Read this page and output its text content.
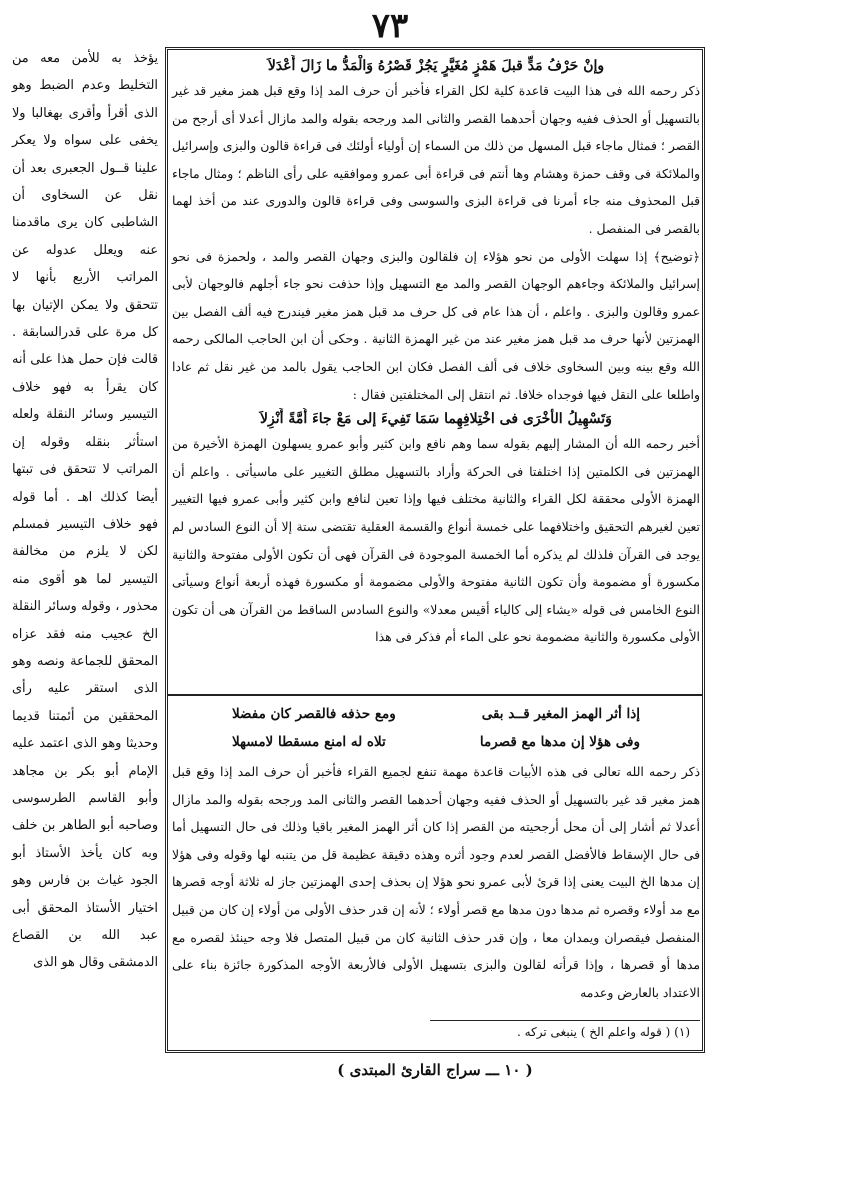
٧٣
وإنْ حَرْفُ مَدٍّ قبلَ هَمْزٍ مُغَيَّرٍ يَجُزْ قَصْرُهُ وَالْمَدُّ ما زَالَ أَعْدَلاَ

ذكر رحمه الله فى هذا البيت قاعدة كلية لكل القراء فأخبر أن حرف المد إذا وقع قبل همز مغير قد غير بالتسهيل أو الحذف ففيه وجهان أحدهما القصر والثانى المد ورجحه بقوله والمد مازال أعدلا أى أرجح من القصر ؛ فمثال ماجاء قبل المسهل من ذلك من السماء إن أولياء أولئك فى قراءة قالون والبزى وإسرائيل والملائكة فى وقف حمزة وهشام وها أنتم فى قراءة أبى عمرو وموافقيه على رأى الناظم ؛ ومثال ماجاء قبل المحذوف منه جاء أمرنا فى قراءة البزى والسوسى وفى قراءة قالون والدورى عند من أخذ لهما بالقصر فى المنفصل .

﴿توضيح﴾ إذا سهلت الأولى من نحو هؤلاء إن فلقالون والبزى وجهان القصر والمد ، ولحمزة فى نحو إسرائيل والملائكة وجاءهم الوجهان القصر والمد مع التسهيل وإذا حذفت نحو جاء أجلهم فالوجهان لأبى عمرو وقالون والبزى . واعلم ، أن هذا عام فى كل حرف مد قبل همز مغير فيندرج فيه ألف الفصل بين الهمزتين لأنها حرف مد قبل همز مغير عند من غير الهمزة الثانية . وحكى أن ابن الحاجب المالكى رحمه الله وقع بينه وبين السخاوى خلاف فى ألف الفصل فكان ابن الحاجب يقول بالمد من غير نقل ثم عادا واطلعا على النقل فيها فوجداه خلافا. ثم انتقل إلى المختلفتين فقال :

وَتَسْهِيلُ الأُخْرَى فى اخْتِلافِهِما سَمَا تَفِيءَ إلى مَعْ جاءَ أُمَّةً أَنْزِلاَ

أخبر رحمه الله أن المشار إليهم بقوله سما وهم نافع وابن كثير وأبو عمرو يسهلون الهمزة الأخيرة من الهمزتين فى الكلمتين إذا اختلفتا فى الحركة وأراد بالتسهيل مطلق التغيير على ماسيأتى . واعلم أن الهمزة الأولى محققة لكل القراء والثانية مختلف فيها وإذا تعين لنافع وابن كثير وأبى عمرو فيها التغيير تعين لغيرهم التحقيق واختلافهما على خمسة أنواع والقسمة العقلية تقتضى ستة إلا أن النوع السادس لم يوجد فى القرآن فلذلك لم يذكره أما الخمسة الموجودة فى القرآن فهى أن تكون الأولى مفتوحة والثانية مكسورة أو مضمومة وأن تكون الثانية مفتوحة والأولى مضمومة أو مكسورة فهذه أربعة أنواع وسيأتى النوع الخامس فى قوله «يشاء إلى كالياء أقيس معدلا» والنوع السادس الساقط من القرآن هى أن تكون الأولى مكسورة والثانية مضمومة نحو على الماء أم فذكر فى هذا

إذا أثر الهمز المغير قــد بقى
ومع حذفه فالقصر كان مفضلا
وفى هؤلا إن مدها مع قصرما
تلاه له امنع مسقطا لامسهلا

ذكر رحمه الله تعالى فى هذه الأبيات قاعدة مهمة تنفع لجميع القراء فأخبر أن حرف المد إذا وقع قبل همز مغير قد غير بالتسهيل أو الحذف ففيه وجهان أحدهما القصر والثانى المد ورجحه بقوله والمد مازال أعدلا ثم أشار إلى أن محل أرجحيته من القصر إذا كان أثر الهمز المغير باقيا وذلك فى حال التسهيل أما فى حال الإسقاط فالأفضل القصر لعدم وجود أثره وهذه دقيقة عظيمة قل من يتنبه لها وقوله وفى هؤلا إن مدها الخ البيت يعنى إذا قرئ لأبى عمرو نحو هؤلا إن بحذف إحدى الهمزتين جاز له ثلاثة أوجه قصرها مع مد أولاء وقصره ثم مدها دون مدها مع قصر أولاء ؛ لأنه إن قدر حذف الأولى من أولاء إن كان من قبيل المنفصل فيقصران ويمدان معا ، وإن قدر حذف الثانية كان من قبيل المتصل فلا وجه حينئذ لقصره مع مدها أو قصرها ، وإذا قرأته لقالون والبزى بتسهيل الأولى فالأربعة الأوجه المذكورة جائزة بناء على الاعتداد بالعارض وعدمه

(١) ( قوله واعلم الخ ) ينبغى تركه .

يؤخذ به للأمن معه من التخليط وعدم الضبط وهو الذى أقرأ وأقرى بهغالبا ولا يخفى على سواه ولا يعكر علينا قــول الجعبرى بعد أن نقل عن السخاوى أن الشاطبى كان يرى ماقدمنا عنه ويعلل عدوله عن المراتب الأربع بأنها لا تتحقق ولا يمكن الإتيان بها كل مرة على قدرالسابقة . قالت فإن حمل هذا على أنه كان يقرأ به فهو خلاف التيسير وسائر النقلة ولعله استأثر بنقله وقوله إن المراتب لا تتحقق فى تبتها أيضا كذلك اهـ . أما قوله فهو خلاف التيسير فمسلم لكن لا يلزم من مخالفة التيسير لما هو أقوى منه محذور ، وقوله وسائر النقلة الخ عجيب منه فقد عزاه المحقق للجماعة ونصه وهو الذى استقر عليه رأى المحققين من أئمتنا قديما وحديثا وهو الذى اعتمد عليه الإمام أبو بكر بن مجاهد وأبو القاسم الطرسوسى وصاحبه أبو الطاهر بن خلف وبه كان يأخذ الأستاذ أبو الجود غياث بن فارس وهو اختيار الأستاذ المحقق أبى عبد الله بن القصاع الدمشقى وقال هو الذى

( ١٠ ـــ سراج القارئ المبتدى )
